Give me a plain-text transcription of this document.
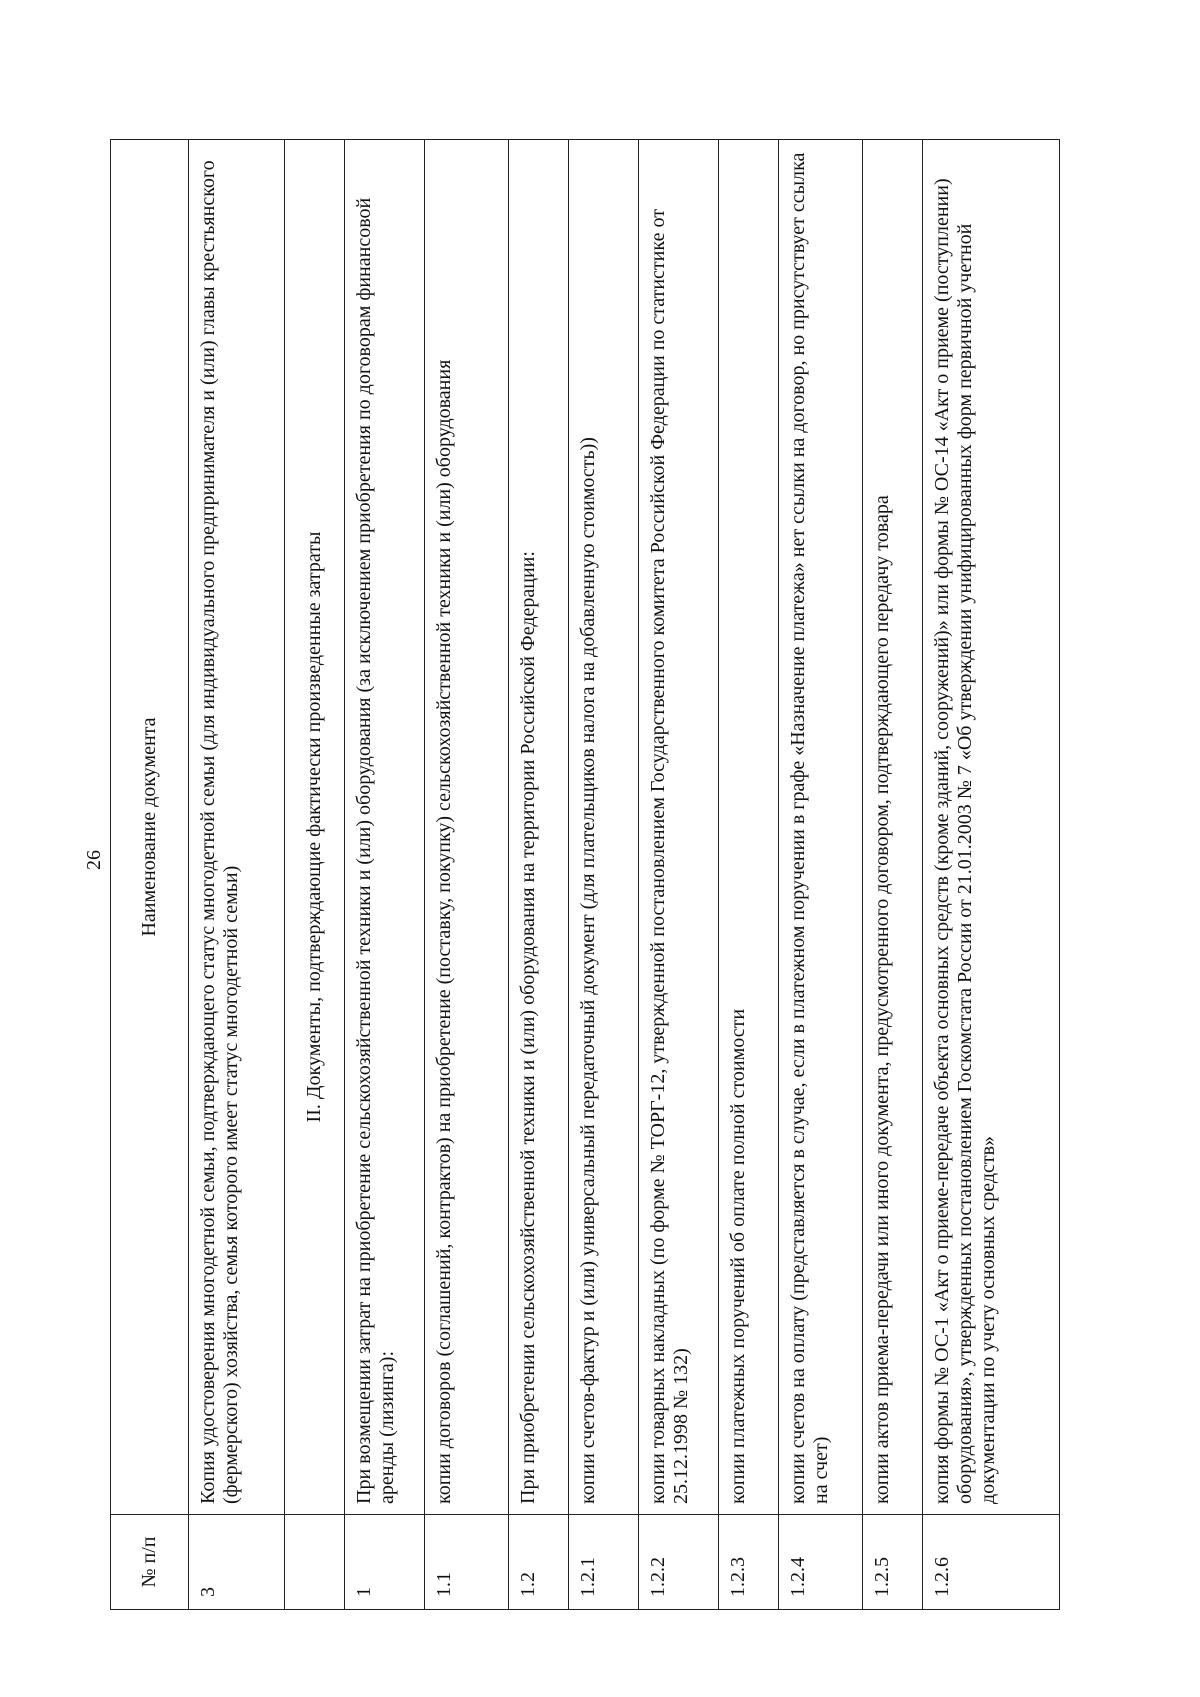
26
№ п/п	Наименование документа
3	Копия удостоверения многодетной семьи, подтверждающего статус многодетной семьи (для индивидуального предпринимателя и (или) главы крестьянского (фермерского) хозяйства, семья которого имеет статус многодетной семьи)
	II. Документы, подтверждающие фактически произведенные затраты
1	При возмещении затрат на приобретение сельскохозяйственной техники и (или) оборудования (за исключением приобретения по договорам финансовой аренды (лизинга):
1.1	копии договоров (соглашений, контрактов) на приобретение (поставку, покупку) сельскохозяйственной техники и (или) оборудования
1.2	При приобретении сельскохозяйственной техники и (или) оборудования на территории Российской Федерации:
1.2.1	копии счетов-фактур и (или) универсальный передаточный документ (для плательщиков налога на добавленную стоимость))
1.2.2	копии товарных накладных (по форме № ТОРГ-12, утвержденной постановлением Государственного комитета Российской Федерации по статистике от 25.12.1998 № 132)
1.2.3	копии платежных поручений об оплате полной стоимости
1.2.4	копии счетов на оплату (представляется в случае, если в платежном поручении в графе «Назначение платежа» нет ссылки на договор, но присутствует ссылка на счет)
1.2.5	копии актов приема-передачи или иного документа, предусмотренного договором, подтверждающего передачу товара
1.2.6	копия формы № ОС-1 «Акт о приеме-передаче объекта основных средств (кроме зданий, сооружений)» или формы № ОС-14 «Акт о приеме (поступлении) оборудования», утвержденных постановлением Госкомстата России от 21.01.2003 № 7 «Об утверждении унифицированных форм первичной учетной документации по учету основных средств»
